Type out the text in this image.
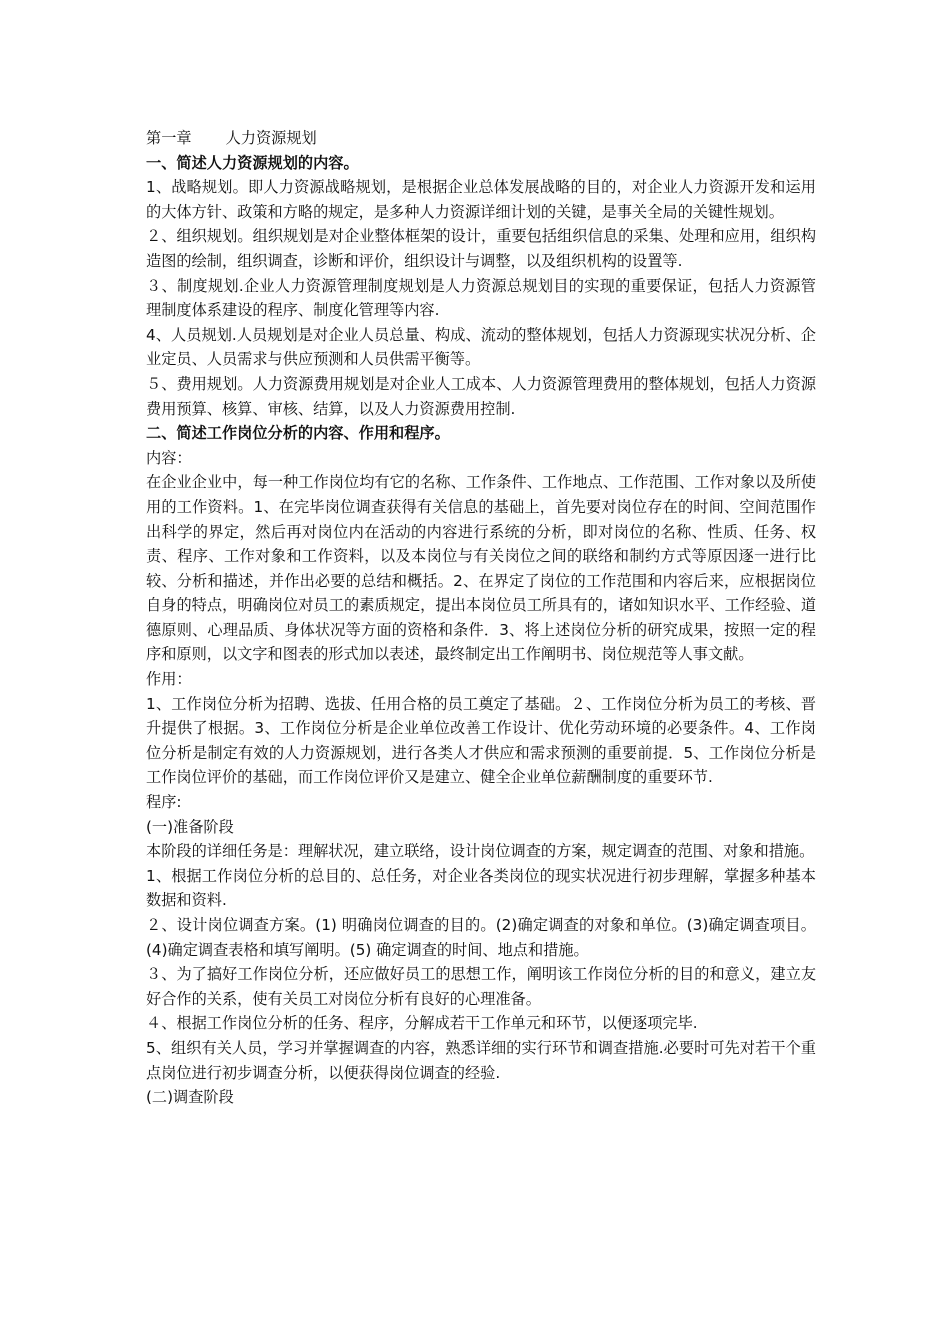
第一章 人力资源规划

一、简述人力资源规划的内容。

1、战略规划。即人力资源战略规划，是根据企业总体发展战略的目的，对企业人力资源开发和运用的大体方针、政策和方略的规定，是多种人力资源详细计划的关键，是事关全局的关键性规划。

２、组织规划。组织规划是对企业整体框架的设计，重要包括组织信息的采集、处理和应用，组织构造图的绘制，组织调查，诊断和评价，组织设计与调整，以及组织机构的设置等.

３、制度规划.企业人力资源管理制度规划是人力资源总规划目的实现的重要保证，包括人力资源管理制度体系建设的程序、制度化管理等内容.

4、人员规划.人员规划是对企业人员总量、构成、流动的整体规划，包括人力资源现实状况分析、企业定员、人员需求与供应预测和人员供需平衡等。

５、费用规划。人力资源费用规划是对企业人工成本、人力资源管理费用的整体规划，包括人力资源费用预算、核算、审核、结算，以及人力资源费用控制.

二、简述工作岗位分析的内容、作用和程序。

内容：

在企业企业中，每一种工作岗位均有它的名称、工作条件、工作地点、工作范围、工作对象以及所使用的工作资料。1、在完毕岗位调查获得有关信息的基础上，首先要对岗位存在的时间、空间范围作出科学的界定，然后再对岗位内在活动的内容进行系统的分析，即对岗位的名称、性质、任务、权责、程序、工作对象和工作资料，以及本岗位与有关岗位之间的联络和制约方式等原因逐一进行比较、分析和描述，并作出必要的总结和概括。2、在界定了岗位的工作范围和内容后来，应根据岗位自身的特点，明确岗位对员工的素质规定，提出本岗位员工所具有的，诸如知识水平、工作经验、道德原则、心理品质、身体状况等方面的资格和条件．3、将上述岗位分析的研究成果，按照一定的程序和原则，以文字和图表的形式加以表述，最终制定出工作阐明书、岗位规范等人事文献。

作用：

1、工作岗位分析为招聘、选拔、任用合格的员工奠定了基础。２、工作岗位分析为员工的考核、晋升提供了根据。3、工作岗位分析是企业单位改善工作设计、优化劳动环境的必要条件。4、工作岗位分析是制定有效的人力资源规划，进行各类人才供应和需求预测的重要前提．5、工作岗位分析是工作岗位评价的基础，而工作岗位评价又是建立、健全企业单位薪酬制度的重要环节.

程序:

(一)准备阶段

本阶段的详细任务是：理解状况，建立联络，设计岗位调查的方案，规定调查的范围、对象和措施。

1、根据工作岗位分析的总目的、总任务，对企业各类岗位的现实状况进行初步理解，掌握多种基本数据和资料.

２、设计岗位调查方案。(1) 明确岗位调查的目的。(2)确定调查的对象和单位。(3)确定调查项目。(4)确定调查表格和填写阐明。(5) 确定调查的时间、地点和措施。

３、为了搞好工作岗位分析，还应做好员工的思想工作，阐明该工作岗位分析的目的和意义，建立友好合作的关系，使有关员工对岗位分析有良好的心理准备。

４、根据工作岗位分析的任务、程序，分解成若干工作单元和环节，以便逐项完毕.

5、组织有关人员，学习并掌握调查的内容，熟悉详细的实行环节和调查措施.必要时可先对若干个重点岗位进行初步调查分析，以便获得岗位调查的经验.

(二)调查阶段
